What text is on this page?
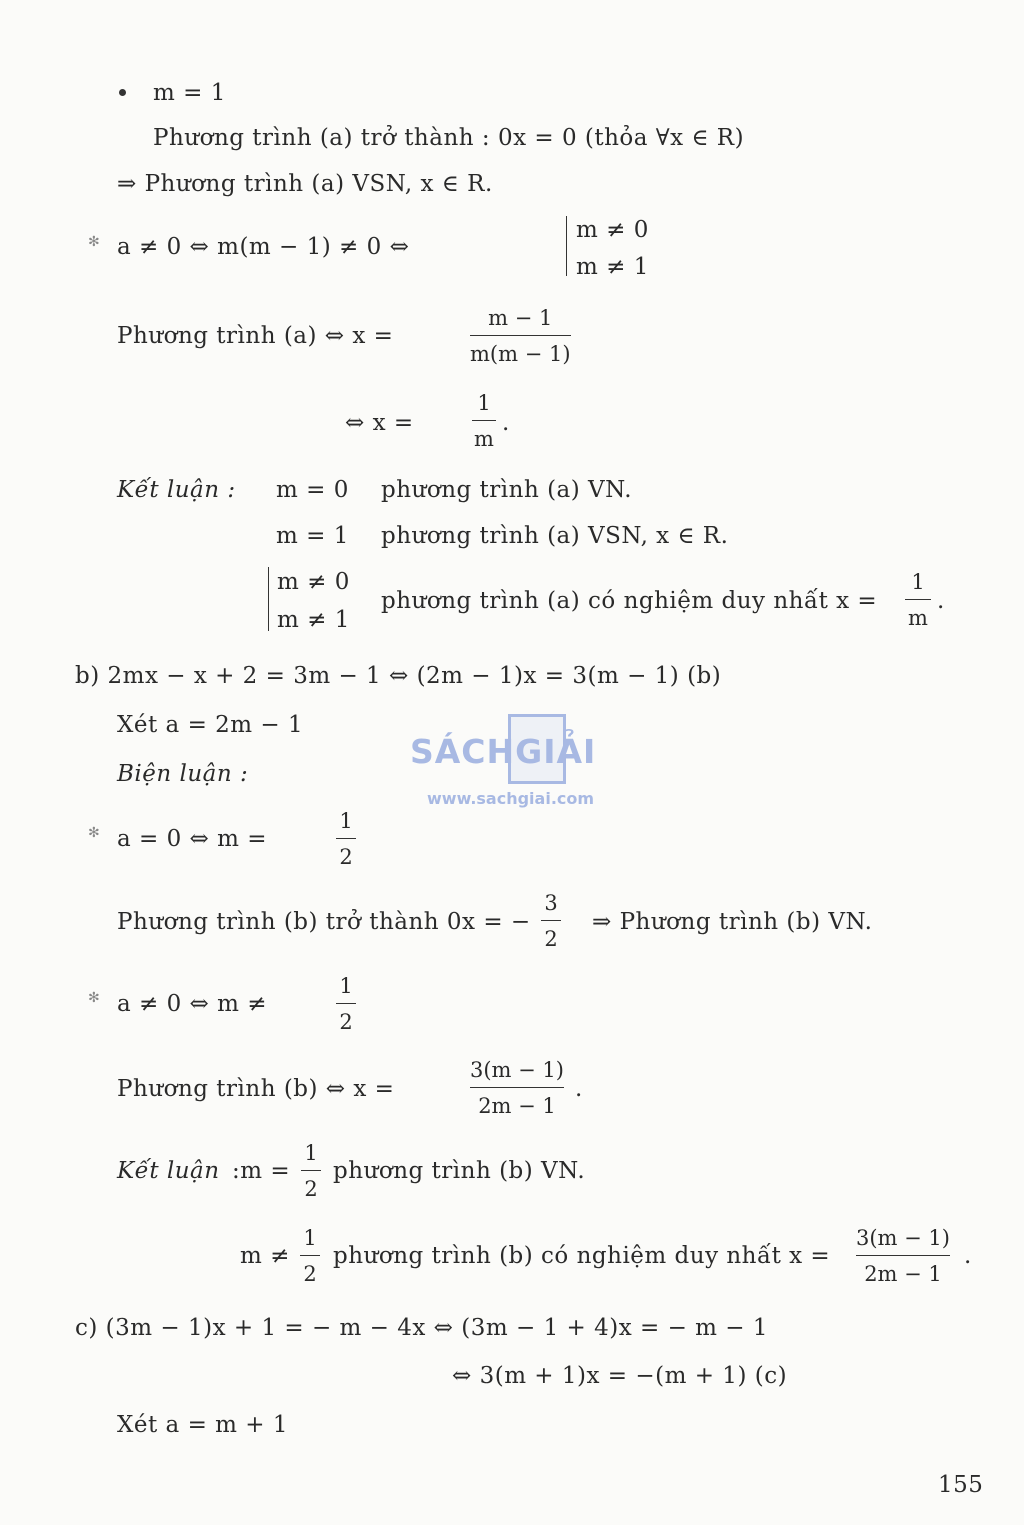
SÁCHGIẢI
www.sachgiai.com
m = 1
Phương trình (a) trở thành : 0x = 0 (thỏa ∀x ∈ R)
⇒ Phương trình (a) VSN, x ∈ R.
✻ a ≠ 0 ⇔ m(m − 1) ≠ 0 ⇔
m ≠ 0
m ≠ 1
Phương trình (a) ⇔ x =
m − 1
m(m − 1)
⇔ x =
1
m
.
Kết luận : m = 0 phương trình (a) VN.
m = 1 phương trình (a) VSN, x ∈ R.
m ≠ 0
m ≠ 1
phương trình (a) có nghiệm duy nhất x =
1
m
.
b) 2mx − x + 2 = 3m − 1 ⇔ (2m − 1)x = 3(m − 1) (b)
Xét a = 2m − 1
Biện luận :
✻ a = 0 ⇔ m =
1
2
Phương trình (b) trở thành 0x = −
3
2
⇒ Phương trình (b) VN.
✻ a ≠ 0 ⇔ m ≠
1
2
Phương trình (b) ⇔ x =
3(m − 1)
2m − 1
.
Kết luận :m =
1
2
phương trình (b) VN.
m ≠
1
2
phương trình (b) có nghiệm duy nhất x =
3(m − 1)
2m − 1
.
c) (3m − 1)x + 1 = − m − 4x ⇔ (3m − 1 + 4)x = − m − 1
⇔ 3(m + 1)x = −(m + 1) (c)
Xét a = m + 1
155
